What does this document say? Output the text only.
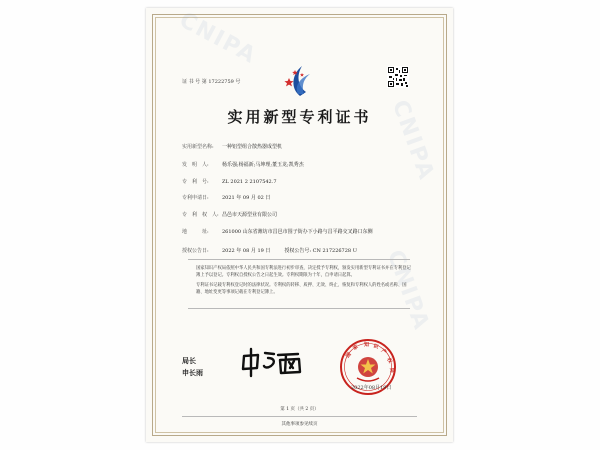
CNIPA
CNIPA
CNIPA
证 书 号 第 17222759 号
实用新型专利证书
实用新型名称: 一种铝型组合散热器成型机
发　明　人:	杨乐强;杨福新;马坤理;董玉龙;凯秀杰
专　利　号:	ZL 2021 2 2107542.7
专利申请日:	2021 年 09 月 02 日
专　利　权　人: 昌邑市天源型业有限公司
地　　　址:	261000 山东省潍坊市昌邑市围子街办下小路与昌平路交叉路口东侧
授权公告日:	2022 年 08 月 19 日	授权公告号: CN 217226728 U
国家知识产权局依照中华人民共和国专利法进行初步审查，决定授予专利权，颁发实用新型专利证书并在专利登记簿上予以登记。专利权自授权公告之日起生效。专利权期限为十年，自申请日起算。
专利证书记载专利权登记时的法律状况。专利权的转移、质押、无效、终止、恢复和专利权人的姓名或名称、国籍、地址变更等事项记载在专利登记簿上。
局长
申长雨
国
家 知 识
产
权
局
2022年08月19日
第 1 页（共 2 页）
其他事项参见续页
